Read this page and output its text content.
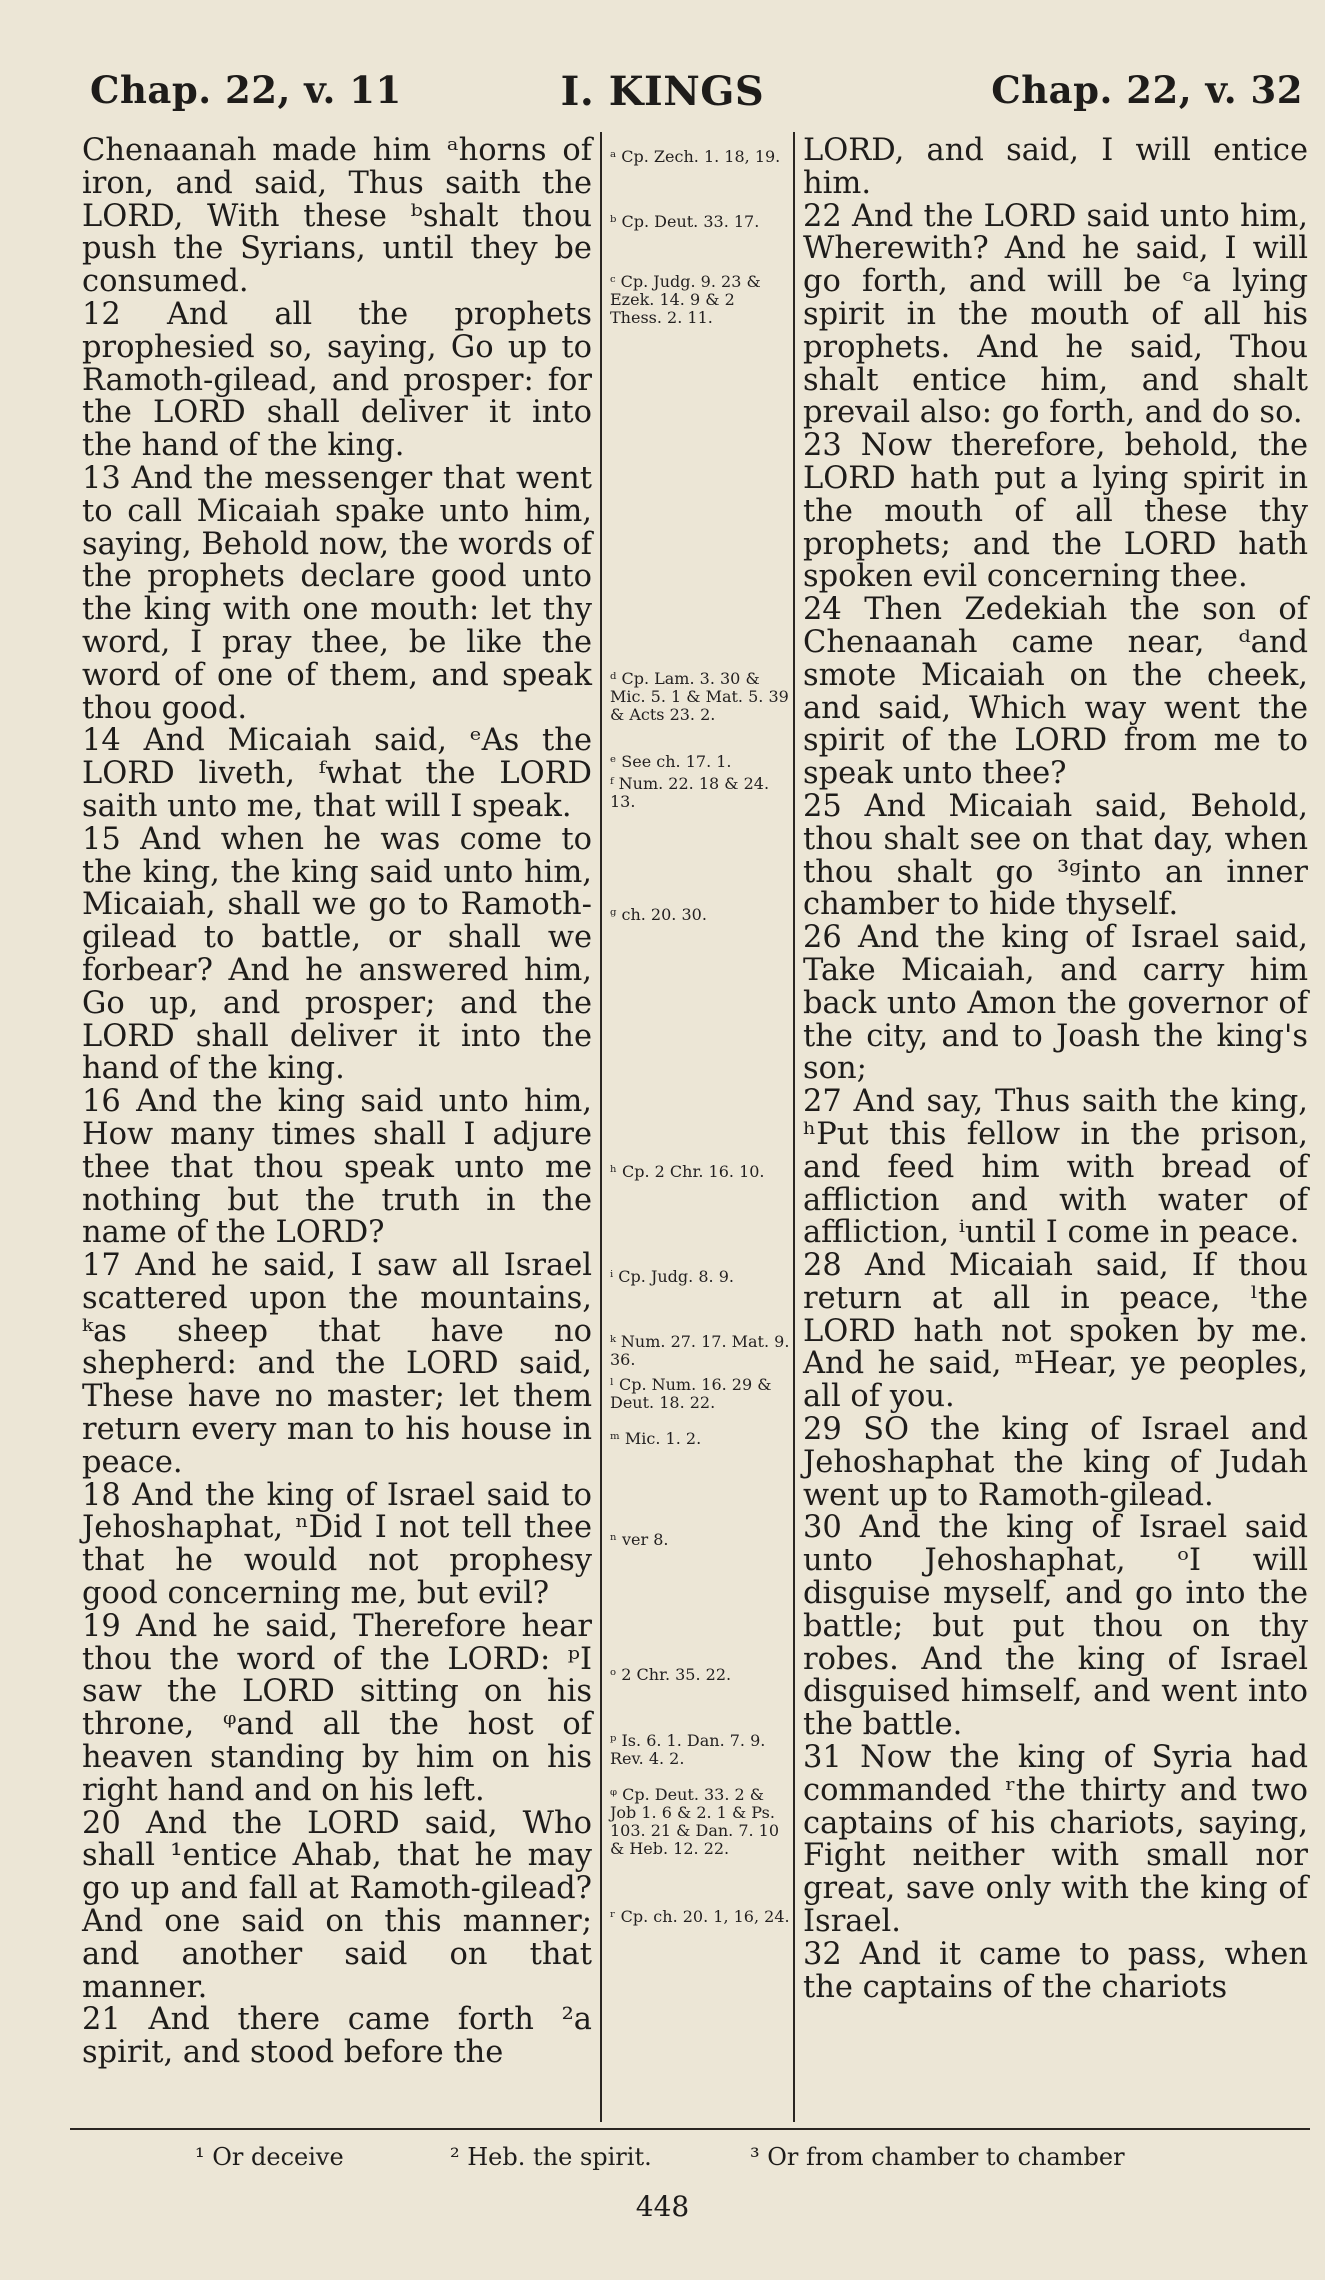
Chap. 22, v. 11	I. KINGS	Chap. 22, v. 32

Chenaanah made him ᵃhorns of iron, and said, Thus saith the LORD, With these ᵇshalt thou push the Syrians, until they be consumed.

12 And all the prophets prophesied so, saying, Go up to Ramoth-gilead, and prosper: for the LORD shall deliver it into the hand of the king.

13 And the messenger that went to call Micaiah spake unto him, saying, Behold now, the words of the prophets declare good unto the king with one mouth: let thy word, I pray thee, be like the word of one of them, and speak thou good.

14 And Micaiah said, ᵉAs the LORD liveth, ᶠwhat the LORD saith unto me, that will I speak.

15 And when he was come to the king, the king said unto him, Micaiah, shall we go to Ramoth-gilead to battle, or shall we forbear? And he answered him, Go up, and prosper; and the LORD shall deliver it into the hand of the king.

16 And the king said unto him, How many times shall I adjure thee that thou speak unto me nothing but the truth in the name of the LORD?

17 And he said, I saw all Israel scattered upon the mountains, ᵏas sheep that have no shepherd: and the LORD said, These have no master; let them return every man to his house in peace.

18 And the king of Israel said to Jehoshaphat, ⁿDid I not tell thee that he would not prophesy good concerning me, but evil?

19 And he said, Therefore hear thou the word of the LORD: ᵖI saw the LORD sitting on his throne, ᵠand all the host of heaven standing by him on his right hand and on his left.

20 And the LORD said, Who shall ¹entice Ahab, that he may go up and fall at Ramoth-gilead? And one said on this manner; and another said on that manner.

21 And there came forth ²a spirit, and stood before the

ᵃ Cp. Zech. 1. 18, 19.
ᵇ Cp. Deut. 33. 17.
ᶜ Cp. Judg. 9. 23 & Ezek. 14. 9 & 2 Thess. 2. 11.
ᵈ Cp. Lam. 3. 30 & Mic. 5. 1 & Mat. 5. 39 & Acts 23. 2.
ᵉ See ch. 17. 1.
ᶠ Num. 22. 18 & 24. 13.
ᵍ ch. 20. 30.
ʰ Cp. 2 Chr. 16. 10.
ⁱ Cp. Judg. 8. 9.
ᵏ Num. 27. 17. Mat. 9. 36.
ˡ Cp. Num. 16. 29 & Deut. 18. 22.
ᵐ Mic. 1. 2.
ⁿ ver 8.
ᵒ 2 Chr. 35. 22.
ᵖ Is. 6. 1. Dan. 7. 9. Rev. 4. 2.
ᵠ Cp. Deut. 33. 2 & Job 1. 6 & 2. 1 & Ps. 103. 21 & Dan. 7. 10 & Heb. 12. 22.
ʳ Cp. ch. 20. 1, 16, 24.

LORD, and said, I will entice him.

22 And the LORD said unto him, Wherewith? And he said, I will go forth, and will be ᶜa lying spirit in the mouth of all his prophets. And he said, Thou shalt entice him, and shalt prevail also: go forth, and do so.

23 Now therefore, behold, the LORD hath put a lying spirit in the mouth of all these thy prophets; and the LORD hath spoken evil concerning thee.

24 Then Zedekiah the son of Chenaanah came near, ᵈand smote Micaiah on the cheek, and said, Which way went the spirit of the LORD from me to speak unto thee?

25 And Micaiah said, Behold, thou shalt see on that day, when thou shalt go ³ᵍinto an inner chamber to hide thyself.

26 And the king of Israel said, Take Micaiah, and carry him back unto Amon the governor of the city, and to Joash the king's son;

27 And say, Thus saith the king, ʰPut this fellow in the prison, and feed him with bread of affliction and with water of affliction, ⁱuntil I come in peace.

28 And Micaiah said, If thou return at all in peace, ˡthe LORD hath not spoken by me. And he said, ᵐHear, ye peoples, all of you.

29 SO the king of Israel and Jehoshaphat the king of Judah went up to Ramoth-gilead.

30 And the king of Israel said unto Jehoshaphat, ᵒI will disguise myself, and go into the battle; but put thou on thy robes. And the king of Israel disguised himself, and went into the battle.

31 Now the king of Syria had commanded ʳthe thirty and two captains of his chariots, saying, Fight neither with small nor great, save only with the king of Israel.

32 And it came to pass, when the captains of the chariots

¹ Or deceive	² Heb. the spirit.	³ Or from chamber to chamber
448
